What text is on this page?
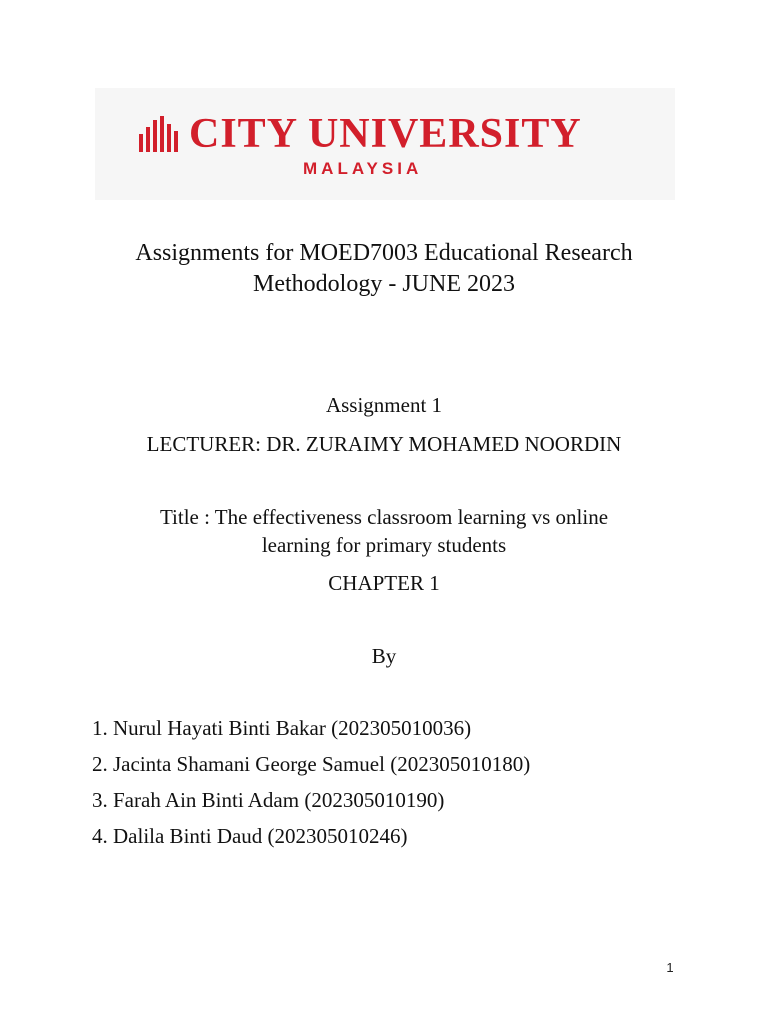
CITY UNIVERSITY
MALAYSIA
Assignments for MOED7003 Educational Research
Methodology - JUNE 2023
Assignment 1
LECTURER: DR. ZURAIMY MOHAMED NOORDIN
Title : The effectiveness classroom learning vs online
learning for primary students
CHAPTER 1
By
1. Nurul Hayati Binti Bakar (202305010036)
2. Jacinta Shamani George Samuel (202305010180)
3. Farah Ain Binti Adam (202305010190)
4. Dalila Binti Daud (202305010246)
1
